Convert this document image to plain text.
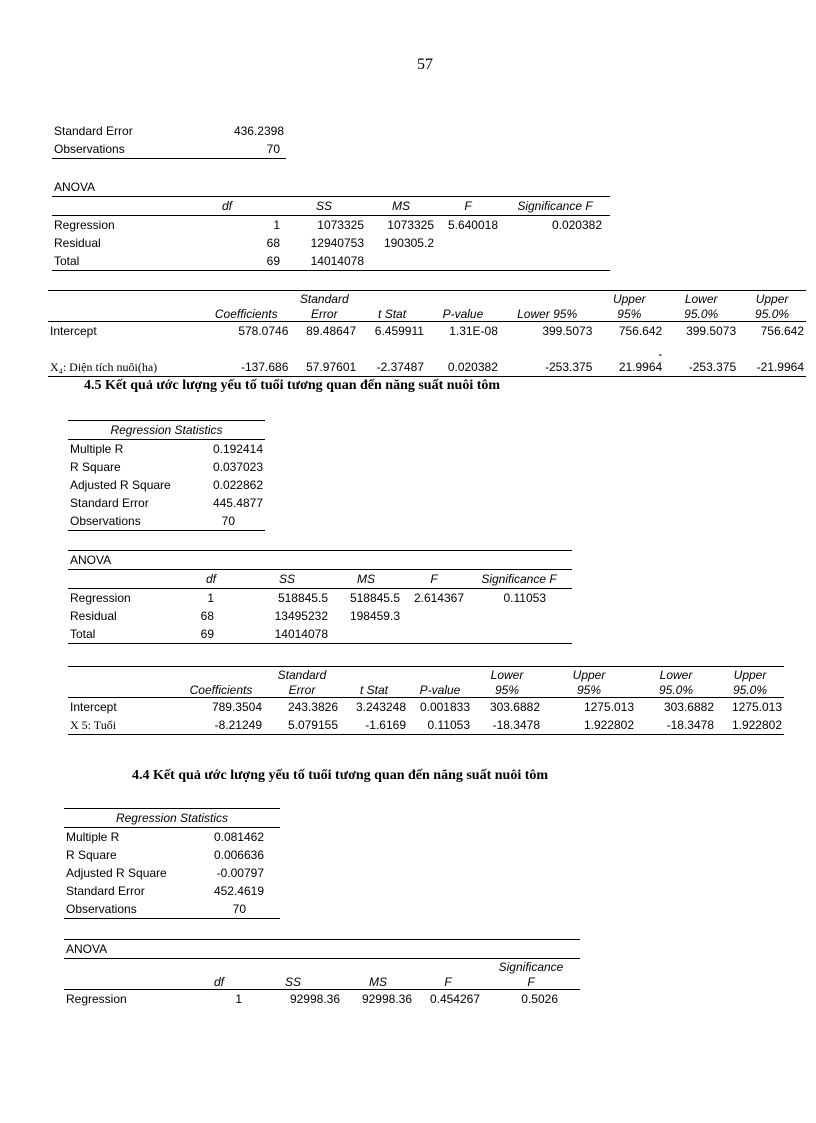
57
Standard Error	436.2398
Observations	70
ANOVA					
	df	SS	MS	F	Significance F
Regression	1	1073325	1073325	5.640018	0.020382
Residual	68	12940753	190305.2		
Total	69	14014078			
		Standard				Upper	Lower	Upper
	Coefficients	Error	t Stat	P-value	Lower 95%	95%	95.0%	95.0%
Intercept	578.0746	89.48647	6.459911	1.31E-08	399.5073	756.642	399.5073	756.642
						-		
X₄: Diện tích nuôi(ha)	-137.686	57.97601	-2.37487	0.020382	-253.375	21.9964	-253.375	-21.9964
4.5 Kết quả ước lượng yếu tố tuổi tương quan đến năng suất nuôi tôm
Regression Statistics	
Multiple R	0.192414
R Square	0.037023
Adjusted R Square	0.022862
Standard Error	445.4877
Observations	70
ANOVA					
	df	SS	MS	F	Significance F
Regression	1	518845.5	518845.5	2.614367	0.11053
Residual	68	13495232	198459.3		
Total	69	14014078			
		Standard			Lower	Upper	Lower	Upper
	Coefficients	Error	t Stat	P-value	95%	95%	95.0%	95.0%
Intercept	789.3504	243.3826	3.243248	0.001833	303.6882	1275.013	303.6882	1275.013
X 5: Tuổi	-8.21249	5.079155	-1.6169	0.11053	-18.3478	1.922802	-18.3478	1.922802
4.4 Kết quả ước lượng yếu tố tuổi tương quan đến năng suất nuôi tôm
Regression Statistics	
Multiple R	0.081462
R Square	0.006636
Adjusted R Square	-0.00797
Standard Error	452.4619
Observations	70
ANOVA					
					Significance
	df	SS	MS	F	F
Regression	1	92998.36	92998.36	0.454267	0.5026
